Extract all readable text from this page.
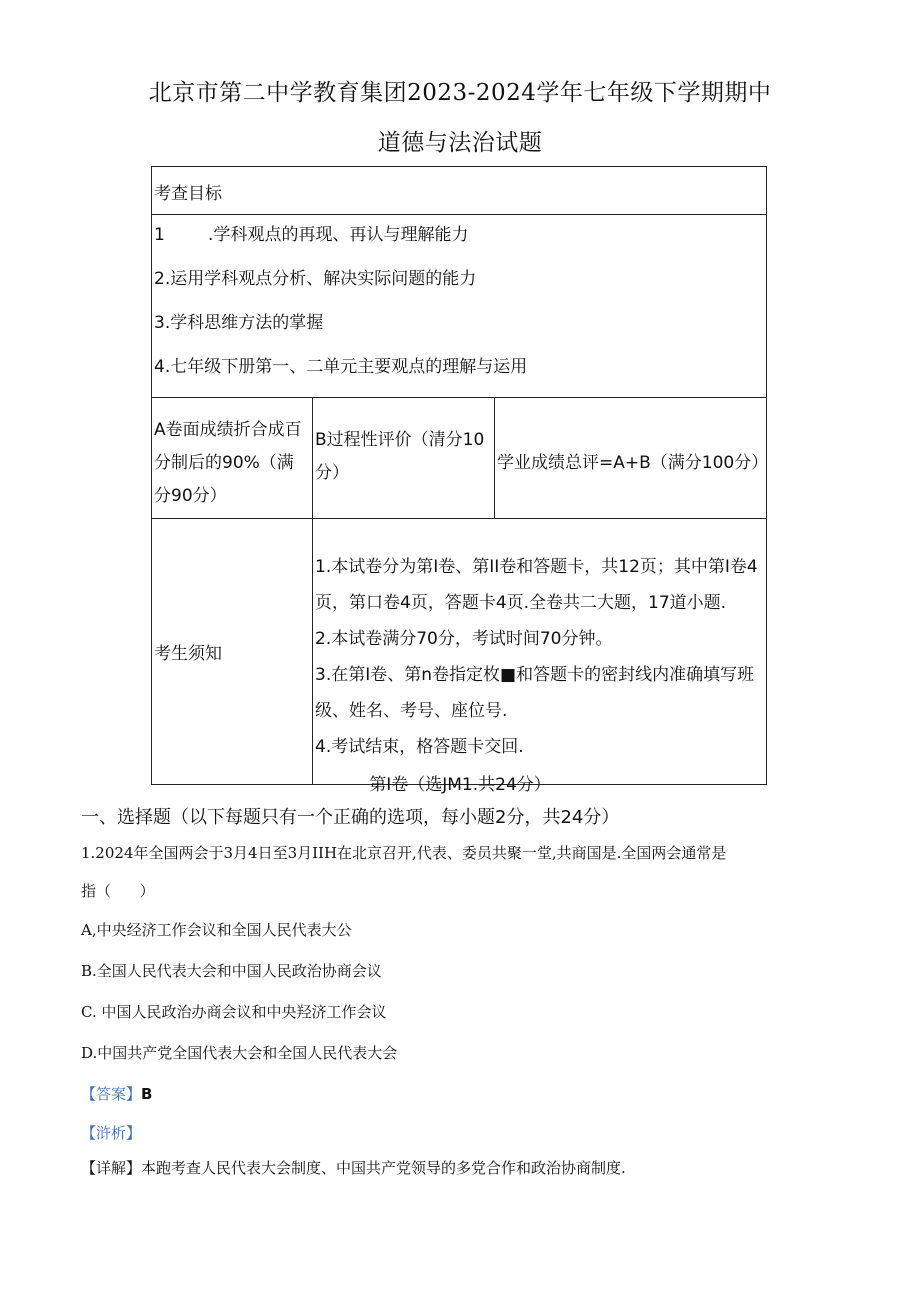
北京市第二中学教育集团2023-2024学年七年级下学期期中
道德与法治试题
考查目标		

1        .学科观点的再现、再认与理解能力
2.运用学科观点分析、解决实际问题的能力
3.学科思维方法的掌握
4.七年级下册第一、二单元主要观点的理解与运用		

A卷面成绩折合成百分制后的90%（满分90分）	B过程性评价（清分10分）	学业成绩总评=A+B（满分100分）
考生须知	1.本试卷分为第I卷、第II卷和答题卡，共12页；其中第I卷4页，第口卷4页，答题卡4页.全卷共二大题，17道小题.
2.本试卷满分70分，考试时间70分钟。
3.在第I卷、第n卷指定枚■和答题卡的密封线内准确填写班级、姓名、考号、座位号.
4.考试结束，格答题卡交回.	
第I卷（选JM1.共24分）
一、选择题（以下每题只有一个正确的选项，每小题2分，共24分）
1.2024年全国两会于3月4日至3月IIH在北京召开,代表、委员共聚一堂,共商国是.全国两会通常是
指（      ）
A,中央经济工作会议和全国人民代表大公
B.全国人民代表大会和中国人民政治协商会议
C. 中国人民政治办商会议和中央羟济工作会议
D.中国共产党全国代表大会和全国人民代表大会
【答案】B
【浒析】
【详解】本跑考查人民代表大会制度、中国共产党领导的多党合作和政治协商制度.
